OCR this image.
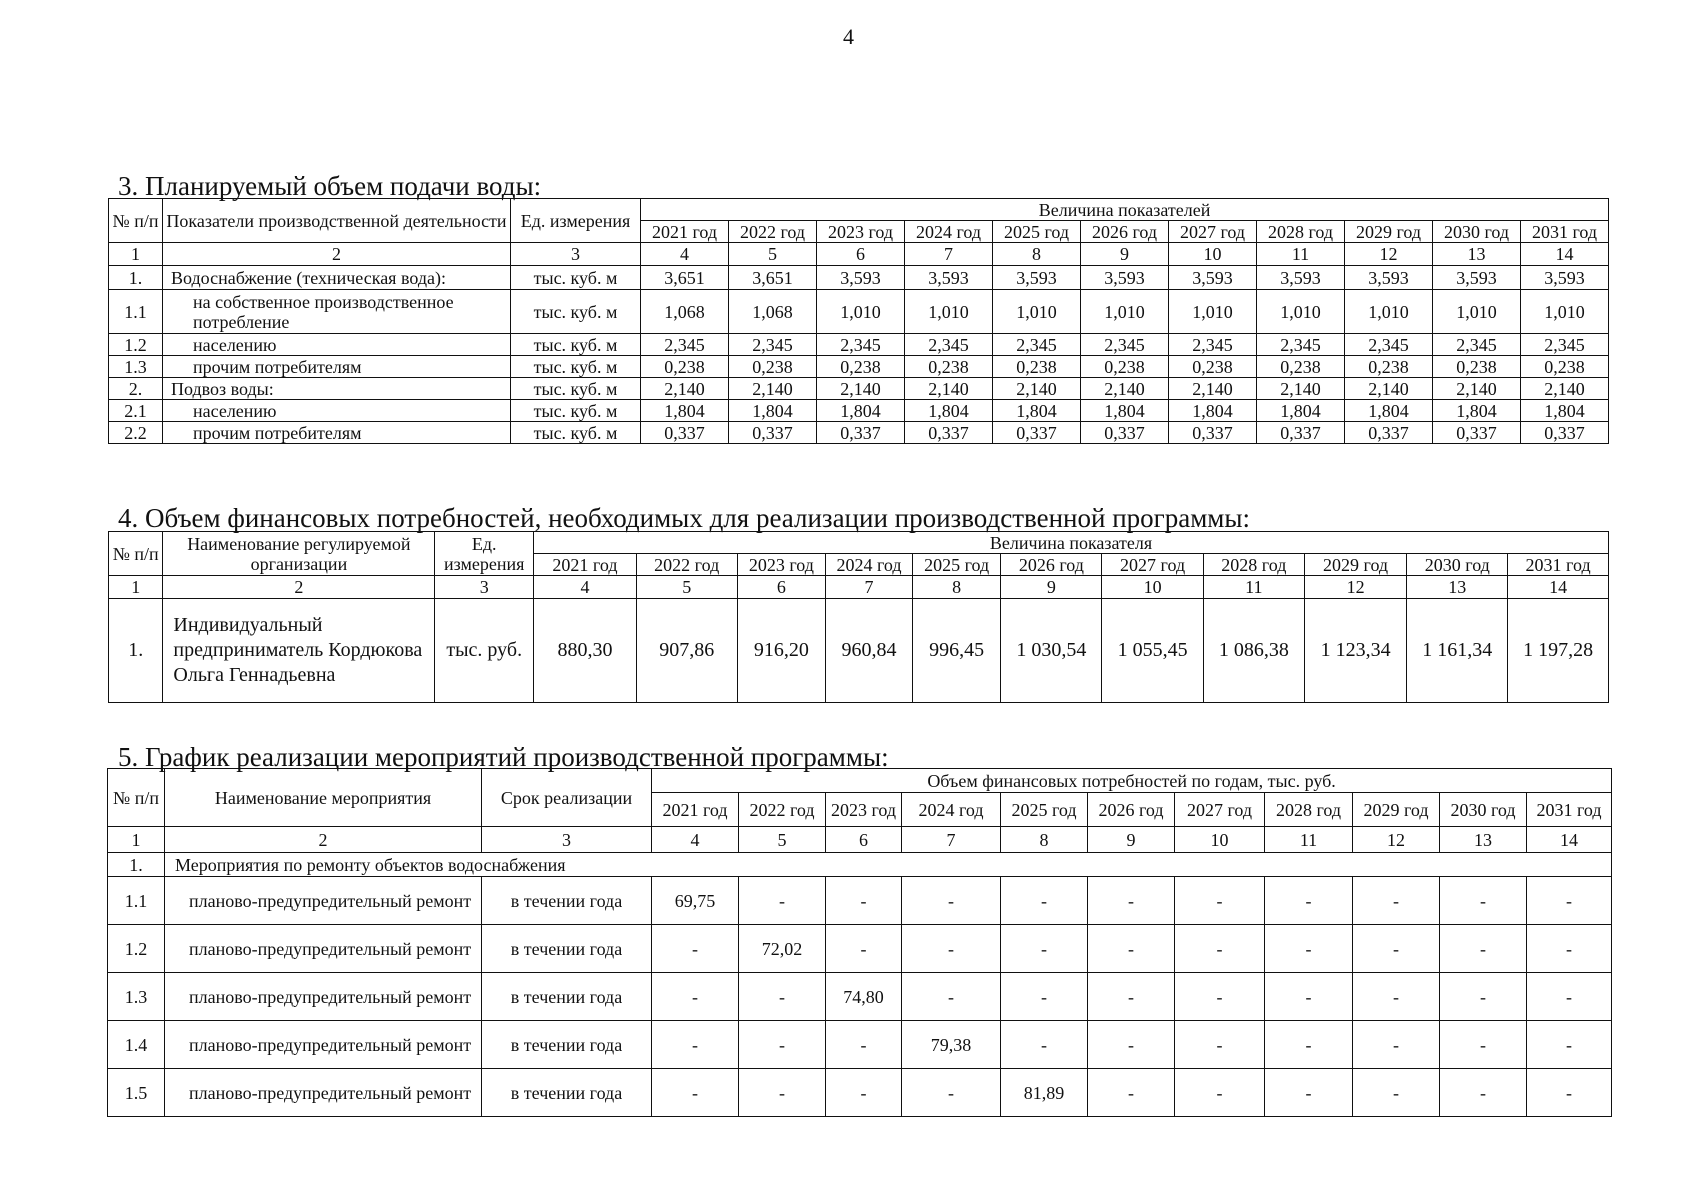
4
3. Планируемый объем подачи воды:
№ п/п	Показатели производственной деятельности	Ед. измерения	Величина показателей										
			2021 год	2022 год	2023 год	2024 год	2025 год	2026 год	2027 год	2028 год	2029 год	2030 год	2031 год
1	2	3	4	5	6	7	8	9	10	11	12	13	14
1.	Водоснабжение (техническая вода):	тыс. куб. м	3,651	3,651	3,593	3,593	3,593	3,593	3,593	3,593	3,593	3,593	3,593
1.1	на собственное производственное потребление	тыс. куб. м	1,068	1,068	1,010	1,010	1,010	1,010	1,010	1,010	1,010	1,010	1,010
1.2	населению	тыс. куб. м	2,345	2,345	2,345	2,345	2,345	2,345	2,345	2,345	2,345	2,345	2,345
1.3	прочим потребителям	тыс. куб. м	0,238	0,238	0,238	0,238	0,238	0,238	0,238	0,238	0,238	0,238	0,238
2.	Подвоз воды:	тыс. куб. м	2,140	2,140	2,140	2,140	2,140	2,140	2,140	2,140	2,140	2,140	2,140
2.1	населению	тыс. куб. м	1,804	1,804	1,804	1,804	1,804	1,804	1,804	1,804	1,804	1,804	1,804
2.2	прочим потребителям	тыс. куб. м	0,337	0,337	0,337	0,337	0,337	0,337	0,337	0,337	0,337	0,337	0,337
4. Объем финансовых потребностей, необходимых для реализации производственной программы:
№ п/п	Наименование регулируемой организации	Ед. измерения	Величина показателя										
			2021 год	2022 год	2023 год	2024 год	2025 год	2026 год	2027 год	2028 год	2029 год	2030 год	2031 год
1	2	3	4	5	6	7	8	9	10	11	12	13	14
1.	Индивидуальный предприниматель Кордюкова Ольга Геннадьевна	тыс. руб.	880,30	907,86	916,20	960,84	996,45	1 030,54	1 055,45	1 086,38	1 123,34	1 161,34	1 197,28
5. График реализации мероприятий производственной программы:
№ п/п	Наименование мероприятия	Срок реализации	Объем финансовых потребностей по годам, тыс. руб.										
			2021 год	2022 год	2023 год	2024 год	2025 год	2026 год	2027 год	2028 год	2029 год	2030 год	2031 год
1	2	3	4	5	6	7	8	9	10	11	12	13	14
1.	Мероприятия по ремонту объектов водоснабжения												
1.1	планово-предупредительный ремонт	в течении года	69,75	-	-	-	-	-	-	-	-	-	-
1.2	планово-предупредительный ремонт	в течении года	-	72,02	-	-	-	-	-	-	-	-	-
1.3	планово-предупредительный ремонт	в течении года	-	-	74,80	-	-	-	-	-	-	-	-
1.4	планово-предупредительный ремонт	в течении года	-	-	-	79,38	-	-	-	-	-	-	-
1.5	планово-предупредительный ремонт	в течении года	-	-	-	-	81,89	-	-	-	-	-	-
